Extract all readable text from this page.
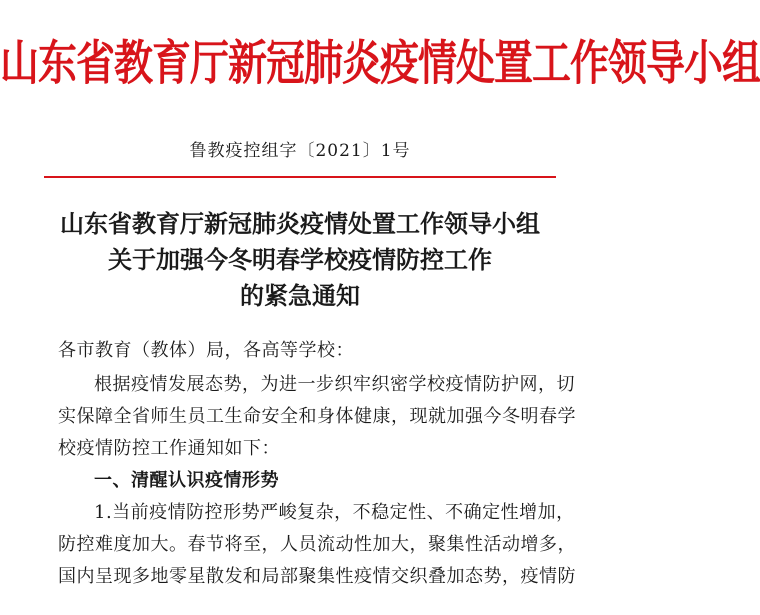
山东省教育厅新冠肺炎疫情处置工作领导小组
鲁教疫控组字〔2021〕1号
山东省教育厅新冠肺炎疫情处置工作领导小组
关于加强今冬明春学校疫情防控工作
的紧急通知
各市教育（教体）局，各高等学校：
根据疫情发展态势，为进一步织牢织密学校疫情防护网，切
实保障全省师生员工生命安全和身体健康，现就加强今冬明春学
校疫情防控工作通知如下：
一、清醒认识疫情形势
1.当前疫情防控形势严峻复杂，不稳定性、不确定性增加，
防控难度加大。春节将至，人员流动性加大，聚集性活动增多，
国内呈现多地零星散发和局部聚集性疫情交织叠加态势，疫情防
